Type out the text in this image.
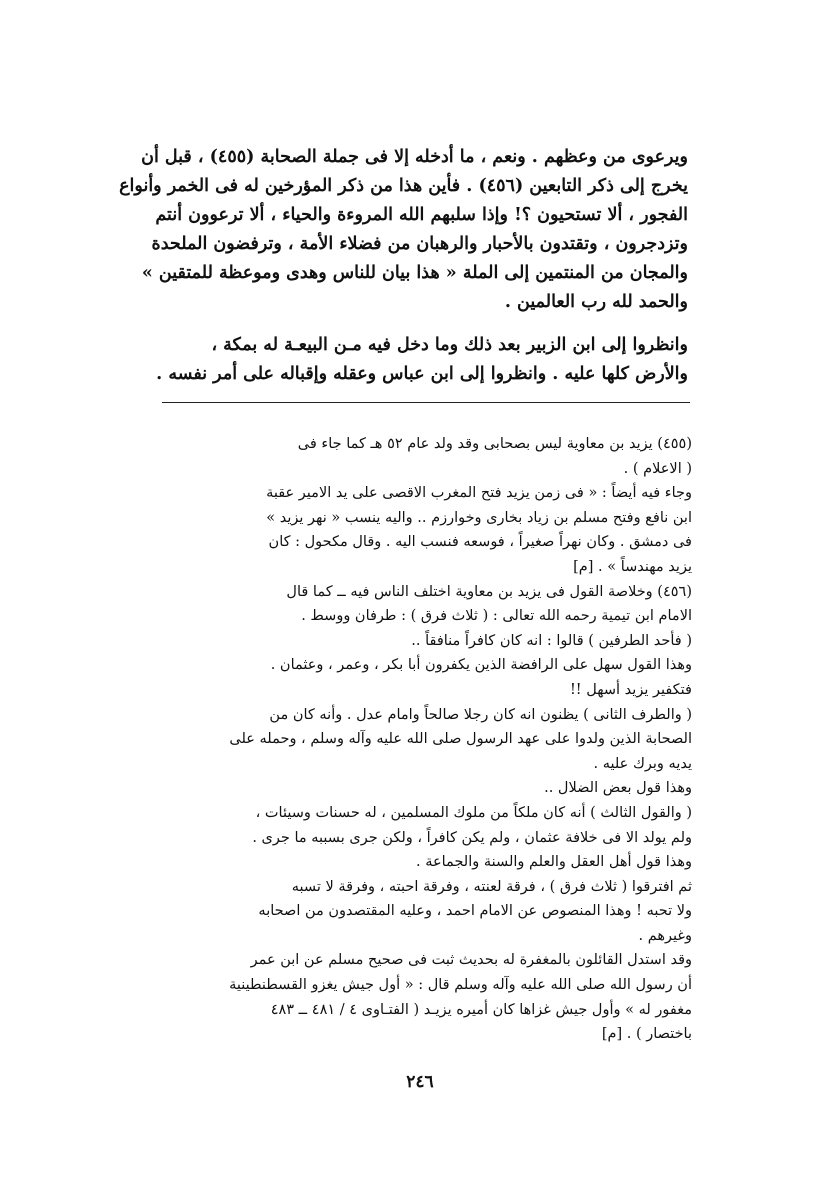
ويرعوى من وعظهم . ونعم ، ما أدخله إلا فى جملة الصحابة (٤٥٥) ، قبل أن
يخرج إلى ذكر التابعين (٤٥٦) . فأين هذا من ذكر المؤرخين له فى الخمر وأنواع
الفجور ، ألا تستحيون ؟! وإذا سلبهم الله المروءة والحياء ، ألا ترعوون أنتم
وتزدجرون ، وتقتدون بالأحبار والرهبان من فضلاء الأمة ، وترفضون الملحدة
والمجان من المنتمين إلى الملة « هذا بيان للناس وهدى وموعظة للمتقين »
والحمد لله رب العالمين .
وانظروا إلى ابن الزبير بعد ذلك وما دخل فيه مـن البيعـة له بمكة ،
والأرض كلها عليه . وانظروا إلى ابن عباس وعقله وإقباله على أمر نفسه .
(٤٥٥) يزيد بن معاوية ليس بصحابى وقد ولد عام ٥٢ هـ كما جاء فى
( الاعلام ) .
وجاء فيه أيضاً : « فى زمن يزيد فتح المغرب الاقصى على يد الامير عقبة
ابن نافع وفتح مسلم بن زياد بخارى وخوارزم .. واليه ينسب « نهر يزيد »
فى دمشق . وكان نهراً صغيراً ، فوسعه فنسب اليه . وقال مكحول : كان
يزيد مهندساً » . [م]
(٤٥٦) وخلاصة القول فى يزيد بن معاوية اختلف الناس فيه ــ كما قال
الامام ابن تيمية رحمه الله تعالى : ( ثلاث فرق ) : طرفان ووسط .
( فأحد الطرفين ) قالوا : انه كان كافراً منافقاً ..
وهذا القول سهل على الرافضة الذين يكفرون أبا بكر ، وعمر ، وعثمان .
فتكفير يزيد أسهل !!
( والطرف الثانى ) يظنون انه كان رجلا صالحاً وامام عدل . وأنه كان من
الصحابة الذين ولدوا على عهد الرسول صلى الله عليه وآله وسلم ، وحمله على
يديه وبرك عليه .
وهذا قول بعض الضلال ..
( والقول الثالث ) أنه كان ملكاً من ملوك المسلمين ، له حسنات وسيئات ،
ولم يولد الا فى خلافة عثمان ، ولم يكن كافراً ، ولكن جرى بسببه ما جرى .
وهذا قول أهل العقل والعلم والسنة والجماعة .
ثم افترقوا ( ثلاث فرق ) ، فرقة لعنته ، وفرقة احبته ، وفرقة لا تسبه
ولا تحبه ! وهذا المنصوص عن الامام احمد ، وعليه المقتصدون من اصحابه
وغيرهم .
وقد استدل القائلون بالمغفرة له بحديث ثبت فى صحيح مسلم عن ابن عمر
أن رسول الله صلى الله عليه وآله وسلم قال : « أول جيش يغزو القسطنطينية
مغفور له » وأول جيش غزاها كان أميره يزيـد ( الفتـاوى ٤ / ٤٨١ ــ ٤٨٣
باختصار ) . [م]
٢٤٦
